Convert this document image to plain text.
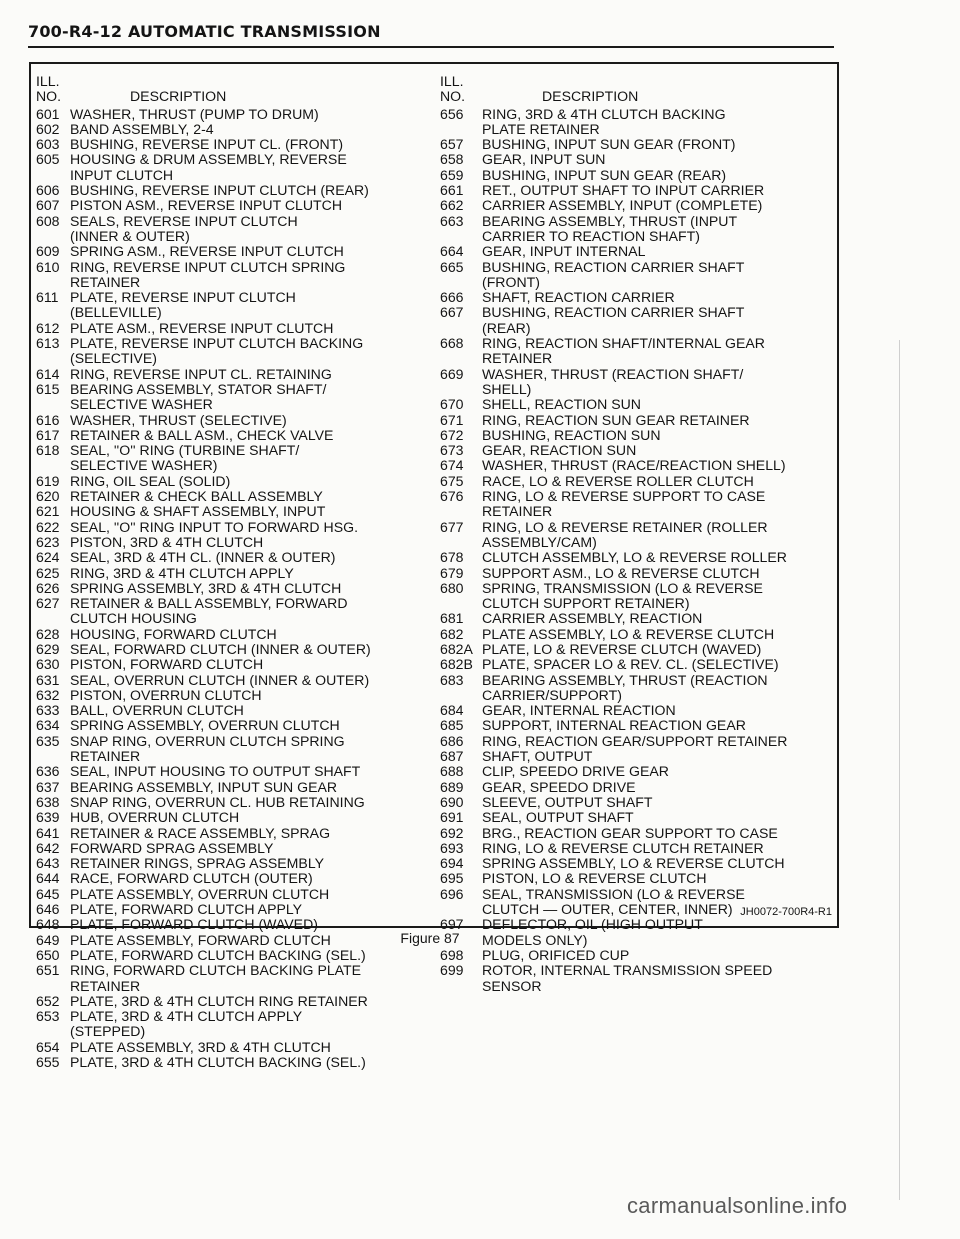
700-R4-12 AUTOMATIC TRANSMISSION
ILL.
NO.	DESCRIPTION
601 WASHER, THRUST (PUMP TO DRUM)
602 BAND ASSEMBLY, 2-4
603 BUSHING, REVERSE INPUT CL. (FRONT)
605 HOUSING & DRUM ASSEMBLY, REVERSE
INPUT CLUTCH
606 BUSHING, REVERSE INPUT CLUTCH (REAR)
607 PISTON ASM., REVERSE INPUT CLUTCH
608 SEALS, REVERSE INPUT CLUTCH
(INNER & OUTER)
609 SPRING ASM., REVERSE INPUT CLUTCH
610 RING, REVERSE INPUT CLUTCH SPRING
RETAINER
611 PLATE, REVERSE INPUT CLUTCH
(BELLEVILLE)
612 PLATE ASM., REVERSE INPUT CLUTCH
613 PLATE, REVERSE INPUT CLUTCH BACKING
(SELECTIVE)
614 RING, REVERSE INPUT CL. RETAINING
615 BEARING ASSEMBLY, STATOR SHAFT/
SELECTIVE WASHER
616 WASHER, THRUST (SELECTIVE)
617 RETAINER & BALL ASM., CHECK VALVE
618 SEAL, ''O'' RING (TURBINE SHAFT/
SELECTIVE WASHER)
619 RING, OIL SEAL (SOLID)
620 RETAINER & CHECK BALL ASSEMBLY
621 HOUSING & SHAFT ASSEMBLY, INPUT
622 SEAL, ''O'' RING INPUT TO FORWARD HSG.
623 PISTON, 3RD & 4TH CLUTCH
624 SEAL, 3RD & 4TH CL. (INNER & OUTER)
625 RING, 3RD & 4TH CLUTCH APPLY
626 SPRING ASSEMBLY, 3RD & 4TH CLUTCH
627 RETAINER & BALL ASSEMBLY, FORWARD
CLUTCH HOUSING
628 HOUSING, FORWARD CLUTCH
629 SEAL, FORWARD CLUTCH (INNER & OUTER)
630 PISTON, FORWARD CLUTCH
631 SEAL, OVERRUN CLUTCH (INNER & OUTER)
632 PISTON, OVERRUN CLUTCH
633 BALL, OVERRUN CLUTCH
634 SPRING ASSEMBLY, OVERRUN CLUTCH
635 SNAP RING, OVERRUN CLUTCH SPRING
RETAINER
636 SEAL, INPUT HOUSING TO OUTPUT SHAFT
637 BEARING ASSEMBLY, INPUT SUN GEAR
638 SNAP RING, OVERRUN CL. HUB RETAINING
639 HUB, OVERRUN CLUTCH
641 RETAINER & RACE ASSEMBLY, SPRAG
642 FORWARD SPRAG ASSEMBLY
643 RETAINER RINGS, SPRAG ASSEMBLY
644 RACE, FORWARD CLUTCH (OUTER)
645 PLATE ASSEMBLY, OVERRUN CLUTCH
646 PLATE, FORWARD CLUTCH APPLY
648 PLATE, FORWARD CLUTCH (WAVED)
649 PLATE ASSEMBLY, FORWARD CLUTCH
650 PLATE, FORWARD CLUTCH BACKING (SEL.)
651 RING, FORWARD CLUTCH BACKING PLATE
RETAINER
652 PLATE, 3RD & 4TH CLUTCH RING RETAINER
653 PLATE, 3RD & 4TH CLUTCH APPLY
(STEPPED)
654 PLATE ASSEMBLY, 3RD & 4TH CLUTCH
655 PLATE, 3RD & 4TH CLUTCH BACKING (SEL.)
ILL.
NO.	DESCRIPTION
656	RING, 3RD & 4TH CLUTCH BACKING
PLATE RETAINER
657	BUSHING, INPUT SUN GEAR (FRONT)
658	GEAR, INPUT SUN
659	BUSHING, INPUT SUN GEAR (REAR)
661	RET., OUTPUT SHAFT TO INPUT CARRIER
662	CARRIER ASSEMBLY, INPUT (COMPLETE)
663	BEARING ASSEMBLY, THRUST (INPUT
CARRIER TO REACTION SHAFT)
664	GEAR, INPUT INTERNAL
665	BUSHING, REACTION CARRIER SHAFT
(FRONT)
666	SHAFT, REACTION CARRIER
667	BUSHING, REACTION CARRIER SHAFT
(REAR)
668	RING, REACTION SHAFT/INTERNAL GEAR
RETAINER
669	WASHER, THRUST (REACTION SHAFT/
SHELL)
670	SHELL, REACTION SUN
671	RING, REACTION SUN GEAR RETAINER
672	BUSHING, REACTION SUN
673	GEAR, REACTION SUN
674	WASHER, THRUST (RACE/REACTION SHELL)
675	RACE, LO & REVERSE ROLLER CLUTCH
676	RING, LO & REVERSE SUPPORT TO CASE
RETAINER
677	RING, LO & REVERSE RETAINER (ROLLER
ASSEMBLY/CAM)
678	CLUTCH ASSEMBLY, LO & REVERSE ROLLER
679	SUPPORT ASM., LO & REVERSE CLUTCH
680	SPRING, TRANSMISSION (LO & REVERSE
CLUTCH SUPPORT RETAINER)
681	CARRIER ASSEMBLY, REACTION
682	PLATE ASSEMBLY, LO & REVERSE CLUTCH
682A PLATE, LO & REVERSE CLUTCH (WAVED)
682B PLATE, SPACER LO & REV. CL. (SELECTIVE)
683	BEARING ASSEMBLY, THRUST (REACTION
CARRIER/SUPPORT)
684	GEAR, INTERNAL REACTION
685	SUPPORT, INTERNAL REACTION GEAR
686	RING, REACTION GEAR/SUPPORT RETAINER
687	SHAFT, OUTPUT
688	CLIP, SPEEDO DRIVE GEAR
689	GEAR, SPEEDO DRIVE
690	SLEEVE, OUTPUT SHAFT
691	SEAL, OUTPUT SHAFT
692	BRG., REACTION GEAR SUPPORT TO CASE
693	RING, LO & REVERSE CLUTCH RETAINER
694	SPRING ASSEMBLY, LO & REVERSE CLUTCH
695	PISTON, LO & REVERSE CLUTCH
696	SEAL, TRANSMISSION (LO & REVERSE
CLUTCH — OUTER, CENTER, INNER)
697	DEFLECTOR, OIL (HIGH OUTPUT
MODELS ONLY)
698	PLUG, ORIFICED CUP
699	ROTOR, INTERNAL TRANSMISSION SPEED
SENSOR
JH0072-700R4-R1
Figure 87
carmanualsonline.info
